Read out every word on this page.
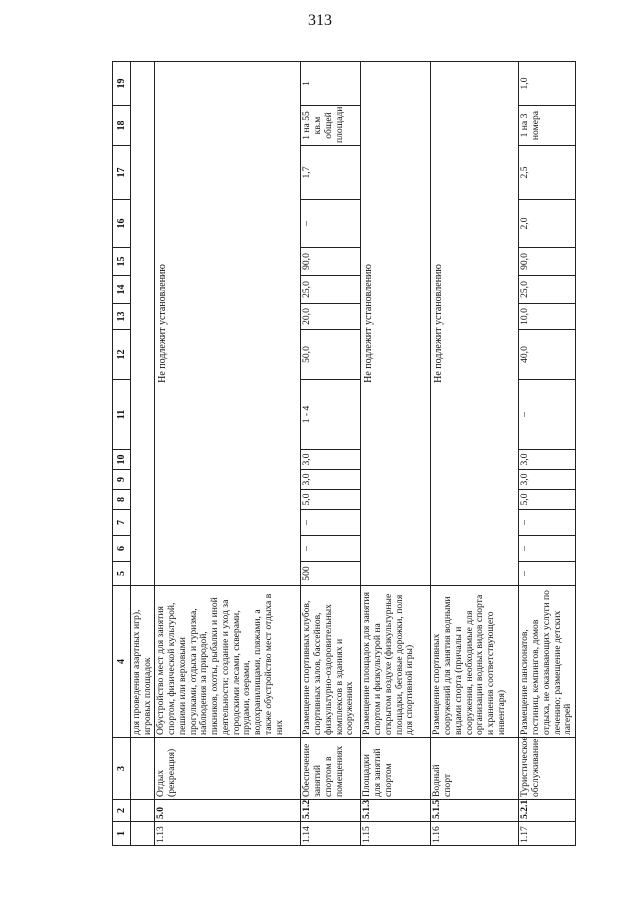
313
1	2	3	4	5	6	7	8	9	10	11	12	13	14	15	16	17	18	19
			для проведения азартных игр), игровых площадок															
1.13	5.0	Отдых (рекреация)	Обустройство мест для занятия спортом, физической культурой, пешими или верховыми прогулками, отдыха и туризма, наблюдения за природой, пикников, охоты, рыбалки и иной деятельности; создание и уход за городскими лесами, скверами, прудами, озерами, водохранилищами, пляжами, а также обустройство мест отдыха в них	Не подлежит установлению														
1.14	5.1.2	Обеспечение занятий спортом в помещениях	Размещение спортивных клубов, спортивных залов, бассейнов, физкультурно-оздоровительных комплексов в зданиях и сооружениях	500	–	–	5,0	3,0	3,0	1 - 4	50,0	20,0	25,0	90,0	–	1,7	1 на 55 кв.м общей площади	1
1.15	5.1.3	Площадки для занятий спортом	Размещение площадок для занятия спортом и физкультурой на открытом воздухе (физкультурные площадки, беговые дорожки, поля для спортивной игры)	Не подлежит установлению														
1.16	5.1.5	Водный спорт	Размещение спортивных сооружений для занятия водными видами спорта (причалы и сооружения, необходимые для организации водных видов спорта и хранения соответствующего инвентаря)	Не подлежит установлению														
1.17	5.2.1	Туристическое обслуживание	Размещение пансионатов, гостиниц, кемпингов, домов отдыха, не оказывающих услуги по лечению; размещение детских лагерей	–	–	–	5,0	3,0	3,0	–	40,0	10,0	25,0	90,0	2,0	2,5	1 на 3 номера	1,0
